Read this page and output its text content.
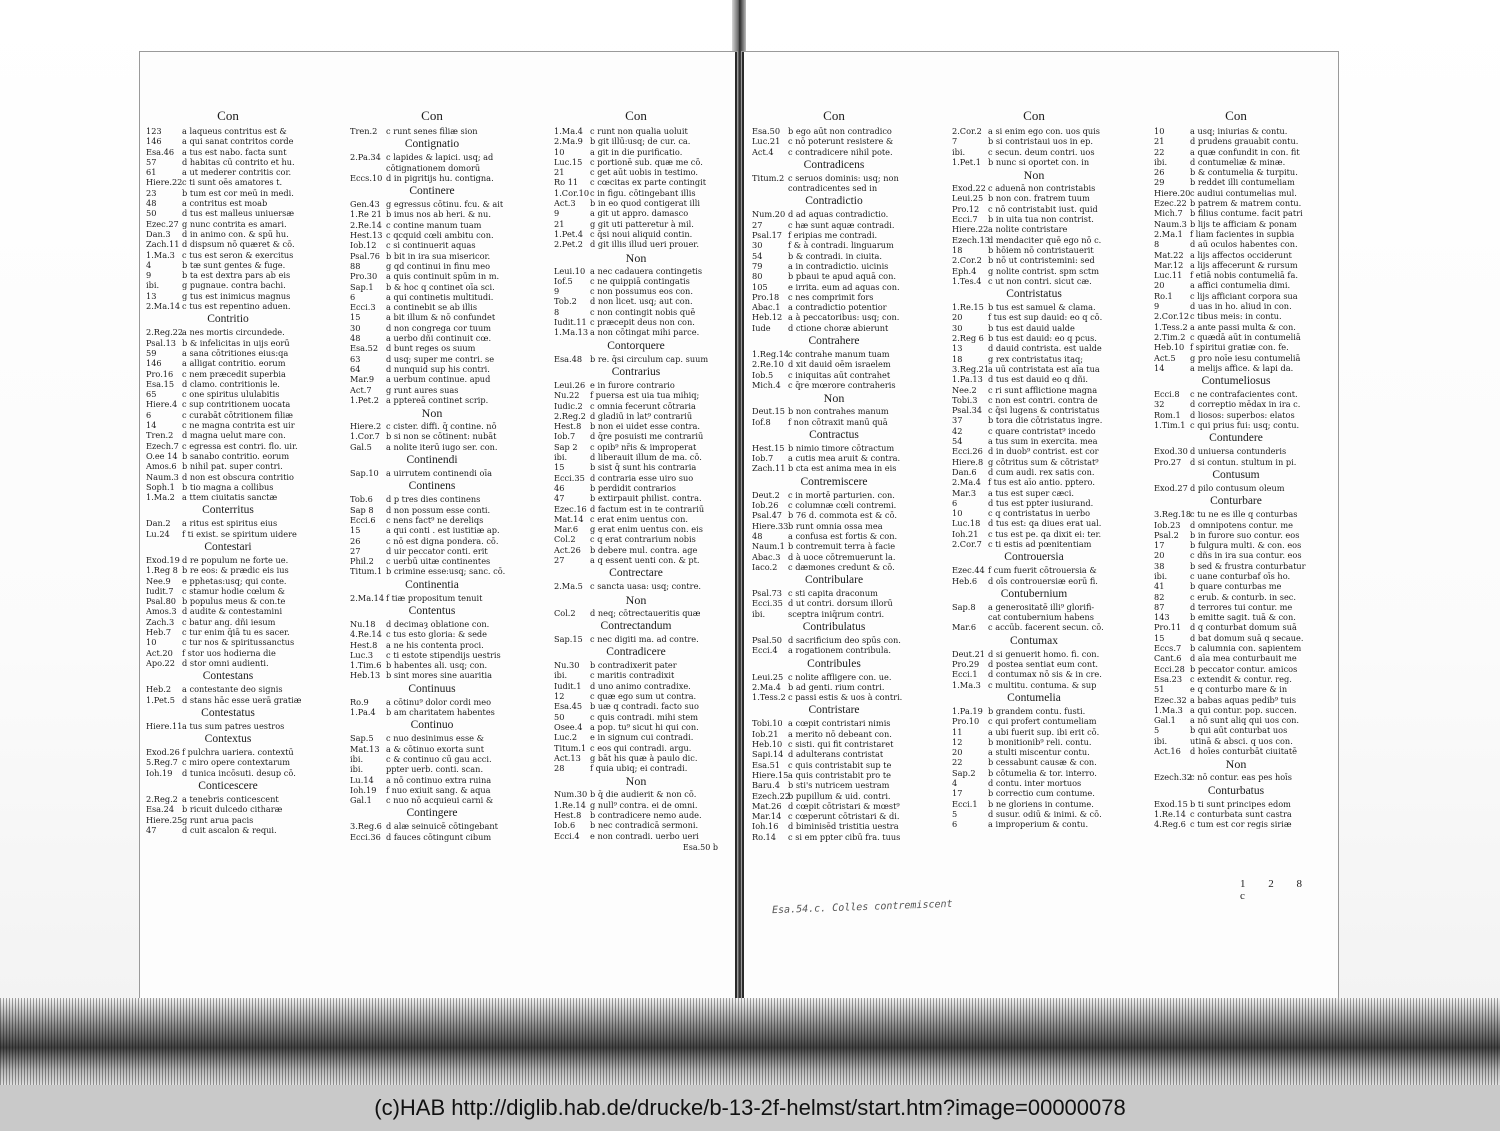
Con
123 a laqueus contritus est &
146 a qui sanat contritos corde
Esa.46 a tus est nabo. facta sunt
57	d habitas cū contrito et hu.
61	a ut mederer contritis cor.
Hiere.22c ti sunt oēs amatores t.
23	b tum est cor meū in medi.
48	a contritus est moab
50	d tus est malleus uniuersæ
Ezec.27 g nunc contrita es amari.
Dan.3 d in animo con. & spū hu.
Zach.11 d dispsum nō quæret & cō.
1.Ma.3 c tus est seron & exercitus
4	b tæ sunt gentes & fuge.
9	b ta est dextra pars ab eis
ibi.	g pugnaue. contra bachi.
13	g tus est inimicus magnus
2.Ma.14 c tus est repentino aduen.
Contritio
2.Reg.22a nes mortis circundede.
Psal.13 b & infelicitas in uijs eorū
59	a sana cōtritiones eius:qa
146 a alligat contritio. eorum
Pro.16 c nem præcedit superbia
Esa.15 d clamo. contritionis le.
65	c one spiritus ululabitis
Hiere.4 c sup contritionem uocata
6	c curabāt cōtritionem filiæ
14	c ne magna contrita est uir
Tren.2 d magna uelut mare con.
Ezech.7 c egressa est contri. flo. uir.
O.ee 14 b sanabo contritio. eorum
Amos.6 b nihil pat. super contri.
Naum.3 d non est obscura contritio
Soph.1 b tio magna a collibus
1.Ma.2 a ttem ciuitatis sanctæ
Conterritus
Dan.2 a ritus est spiritus eius
Lu.24 f ti exist. se spiritum uidere
Contestari
Exod.19 d re populum ne forte ue.
1.Reg 8 b re eos: & prædic eis ius
Nee.9 e pphetas:usq; qui conte.
Iudit.7 c stamur hodie cœlum &
Psal.80 b populus meus & con.te
Amos.3 d audite & contestamini
Zach.3 c batur ang. dñi iesum
Heb.7 c tur enim q̄iā tu es sacer.
10	c tur nos & spiritussanctus
Act.20 f stor uos hodierna die
Apo.22 d stor omni audienti.
Contestans
Heb.2 a contestante deo signis
1.Pet.5 d stans hāc esse uerā gratiæ
Contestatus
Hiere.11a tus sum patres uestros
Contextus
Exod.26 f pulchra uariera. contextū
5.Reg.7 c miro opere contextarum
Ioh.19 d tunica incōsuti. desup cō.
Conticescere
2.Reg.2 a tenebris conticescent
Esa.24 b ricuit dulcedo citharæ
Hiere.25g runt arua pacis
47	d cuit ascalon & requi.
Con
Tren.2 c runt senes filiæ sion
Contignatio
2.Pa.34 c lapides & lapici. usq; ad
cōtignationem domorū
Eccs.10 d in pigritijs hu. contigna.
Continere
Gen.43 g egressus cōtinu. fcu. & ait
1.Re 21 b imus nos ab heri. & nu.
2.Re.14 c contine manum tuam
Hest.13 c qcquid cœli ambitu con.
Iob.12 c si continuerit aquas
Psal.76 b bit in ira sua misericor.
88	g qd continui in finu meo
Pro.30 a quis continuit spūm in m.
Sap.1 b & hoc q continet oīa sci.
6	a qui continetis multitudi.
Ecci.3 a continebit se ab illis
15	a bit illum & nō confundet
30	d non congrega cor tuum
48	a uerbo dñi continuit cœ.
Esa.52 d bunt reges os suum
63	d usq; super me contri. se
64	d nunquid sup his contri.
Mar.9 a uerbum continue. apud
Act.7 g runt aures suas
1.Pet.2 a pptereā continet scrip.
Non
Hiere.2 c cister. diffi. q̄ contine. nō
1.Cor.7 b si non se cōtinent: nubāt
Gal.5 a nolite iterū iugo ser. con.
Continendi
Sap.10 a uirrutem continendi oīa
Continens
Tob.6 d p tres dies continens
Sap 8 d non possum esse conti.
Ecci.6 c nens fact⁹ ne dereliqs
15	a qui conti . est iustitiæ ap.
26	c nō est digna pondera. cō.
27	d uir peccator conti. erit
Phil.2 c uerbū uitæ continentes
Titum.1 b crimine esse:usq; sanc. cō.
Continentia
2.Ma.14 f tiæ propositum tenuit
Contentus
Nu.18 d decimaȝ oblatione con.
4.Re.14 c tus esto gloria: & sede
Hest.8 a ne his contenta proci.
Luc.3 c ti estote stipendijs uestris
1.Tim.6 b habentes ali. usq; con.
Heb.13 b sint mores sine auaritia
Continuus
Ro.9 a cōtinu⁹ dolor cordi meo
1.Pa.4 b am charitatem habentes
Continuo
Sap.5 c nuo desinimus esse &
Mat.13 a & cōtinuo exorta sunt
ibi.	c & continuo cū gau acci.
ibi.	ppter uerb. conti. scan.
Lu.14 a nō continuo extra ruina
Ioh.19 f nuo exiuit sang. & aqua
Gal.1 c nuo nō acquieui carni &
Contingere
3.Reg.6 d alæ seinuicē cōtingebant
Ecci.36 d fauces cōtingunt cibum
Con
1.Ma.4 c runt non qualia uoluit
2.Ma.9 b git illū:usq; de cur. ca.
10	a git in die purificatio.
Luc.15 c portionē sub. quæ me cō.
21	c get aūt uobis in testimo.
Ro 11 c cœcitas ex parte contingit
1.Cor.10c in figu. cōtingebant illis
Act.3 b in eo quod contigerat illi
9	a git ut appro. damasco
21	g git uti patteretur à mil.
1.Pet.4 c q̄si noui aliquid contin.
2.Pet.2 d git illis illud ueri prouer.
Non
Leui.10 a nec cadauera contingetis
Iof.5 c ne quippiā contingatis
9	c non possumus eos con.
Tob.2 d non licet. usq; aut con.
8	c non contingit nobis quē
Iudit.11 c præcepit deus non con.
1.Ma.13 a non cōtingat mihi parce.
Contorquere
Esa.48 b re. q̄si circulum cap. suum
Contrarius
Leui.26 e in furore contrario
Nu.22 f puersa est uia tua mihiq;
Iudic.2 c omnia fecerunt cōtraria
2.Reg.2 d gladiū in lat⁹ contrariū
Hest.8 b non ei uidet esse contra.
Iob.7 d q̄re posuisti me contrariū
Sap 2 c opib⁹ nr̄is & improperat
ibi.	d liberauit illum de ma. cō.
15	b sist q̄ sunt his contraria
Ecci.35 d contraria esse uiro suo
46	b perdidit contrarios
47	b extirpauit philist. contra.
Ezec.16 d factum est in te contrariū
Mat.14 c erat enim uentus con.
Mar.6 g erat enim uentus con. eis
Col.2 c q erat contrarium nobis
Act.26 b debere mul. contra. age
27	a q essent uenti con. & pt.
Contrectare
2.Ma.5 c sancta uasa: usq; contre.
Non
Col.2 d neq; cōtrectaueritis quæ
Contrectandum
Sap.15 c nec digiti ma. ad contre.
Contradicere
Nu.30 b contradixerit pater
ibi.	c maritis contradixit
Iudit.1 d uno animo contradixe.
12	c quæ ego sum ut contra.
Esa.45 b uæ q contradi. facto suo
50	c quis contradi. mihi stem
Osee.4 a pop. tu⁹ sicut hi qui con.
Luc.2 e in signum cui contradi.
Titum.1 c eos qui contradi. argu.
Act.13 g bāt his quæ à paulo dic.
28	f quia ubiq; ei contradi.
Non
Num.30 b q̄ die audierit & non cō.
1.Re.14 g null⁹ contra. ei de omni.
Hest.8 b contradicere nemo aude.
Iob.6 b nec contradicā sermoni.
Ecci.4 e non contradi. uerbo ueri
Esa.50 b
Con
Esa.50 b ego aūt non contradico
Luc.21 c nō poterunt resistere &
Act.4 c contradicere nihil pote.
Contradicens
Titum.2 c seruos dominis: usq; non
contradicentes sed in
Contradictio
Num.20 d ad aquas contradictio.
27	c hæ sunt aquæ contradi.
Psal.17 f eripias me contradi.
30	f & à contradi. linguarum
54	b & contradi. in ciuita.
79	a in contradictio. uicinis
80	b pbaui te apud aquā con.
105 e irrita. eum ad aquas con.
Pro.18 c nes comprimit fors
Abac.1 a contradictio potentior
Heb.12 a à peccatoribus: usq; con.
Iude d ctione choræ abierunt
Contrahere
1.Reg.14c contrahe manum tuam
2.Re.10 d xit dauid oēm israelem
Iob.5 c iniquitas aūt contrahet
Mich.4 c q̄re mœrore contraheris
Non
Deut.15 b non contrahes manum
Iof.8 f non cōtraxit manū quā
Contractus
Hest.15 b nimio timore cōtractum
Iob.7 a cutis mea aruit & contra.
Zach.11 b cta est anima mea in eis
Contremiscere
Deut.2 c in mortē parturien. con.
Iob.26 c columnæ cœli contremi.
Psal.47 b 76 d. commota est & cō.
Hiere.33b runt omnia ossa mea
48	a confusa est fortis & con.
Naum.1 b contremuit terra à facie
Abac.3 d à uoce cōtremuerunt la.
Iaco.2 c dæmones credunt & cō.
Contribulare
Psal.73 c sti capita draconum
Ecci.35 d ut contri. dorsum illorū
ibi.	sceptra iniq̄rum contri.
Contribulatus
Psal.50 d sacrificium deo spūs con.
Ecci.4 a rogationem contribula.
Contribules
Leui.25 c nolite affligere con. ue.
2.Ma.4 b ad genti. rium contri.
1.Tess.2 c passi estis & uos à contri.
Contristare
Tobi.10 a cœpit contristari nimis
Iob.21 a merito nō debeant con.
Heb.10 c sisti. qui fit contristaret
Sapi.14 d adulterans contristat
Esa.51 c quis contristabit sup te
Hiere.15a quis contristabit pro te
Baru.4 b sti's nutricem uestram
Ezech.22b pupillum & uid. contri.
Mat.26 d cœpit cōtristari & mœst⁹
Mar.14 c cœperunt cōtristari & di.
Ioh.16 d biminisēd tristitia uestra
Ro.14 c si em ppter cibū fra. tuus
Con
2.Cor.2 a si enim ego con. uos quis
7	b si contristaui uos in ep.
ibi.	c secun. deum contri. uos
1.Pet.1 b nunc si oportet con. in
Non
Exod.22 c aduenā non contristabis
Leui.25 b non con. fratrem tuum
Pro.12 c nō contristabit iust. quid
Ecci.7 b in uita tua non contrist.
Hiere.22a nolite contristare
Ezech.13d mendaciter quē ego nō c.
18	b hōiem nō contristauerit
2.Cor.2 b nō ut contristemini: sed
Eph.4 g nolite contrist. spm sctm
1.Tes.4 c ut non contri. sicut cæ.
Contristatus
1.Re.15 b tus est samuel & clama.
20	f tus est sup dauid: eo q cō.
30	b tus est dauid ualde
2.Reg 6 b tus est dauid: eo q pcus.
13	d dauid contrista. est ualde
18	g rex contristatus itaq;
3.Reg.21a uū contristata est aīa tua
1.Pa.13 d tus est dauid eo q dñi.
Nee.2 c ri sunt afflictione magna
Tobi.3 c non est contri. contra de
Psal.34 c q̄si lugens & contristatus
37	b tora die cōtristatus ingre.
42	c quare contristat⁹ incedo
54	a tus sum in exercita. mea
Ecci.26 d in duob⁹ contrist. est cor
Hiere.8 g cōtritus sum & cōtristat⁹
Dan.6 d cum audi. rex satis con.
2.Ma.4 f tus est aīo antio. pptero.
Mar.3 a tus est super cæci.
6	d tus est ppter iusiurand.
10	c q contristatus in uerbo
Luc.18 d tus est: qa diues erat ual.
Ioh.21 c tus est pe. qa dixit ei: ter.
2.Cor.7 c ti estis ad pœnitentiam
Controuersia
Ezec.44 f cum fuerit cōtrouersia &
Heb.6 d oīs controuersiæ eorū fi.
Contubernium
Sap.8 a generositatē illi⁹ glorifi-
cat contubernium habens
Mar.6 c accūb. facerent secun. cō.
Contumax
Deut.21 d si genuerit homo. fi. con.
Pro.29 d postea sentiat eum cont.
Ecci.1 d contumax nō sis & in cre.
1.Ma.3 c multitu. contuma. & sup
Contumelia
1.Pa.19 b grandem contu. fusti.
Pro.10 c qui profert contumeliam
11	a ubi fuerit sup. ibi erit cō.
12	b monitionib⁹ reli. contu.
20	a stulti miscentur contu.
22	b cessabunt causæ & con.
Sap.2 b cōtumelia & tor. interro.
4	d contu. inter mortuos
17	b correctio cum contume.
Ecci.1 b ne gloriens in contume.
5	d susur. odiū & inimi. & cō.
6	a improperium & contu.
Con
10	a usq; iniurias & contu.
21	d prudens grauabit contu.
22	a quæ confundit in con. fit
ibi.	d contumeliæ & minæ.
26	b & contumelia & turpitu.
29	b reddet illi contumeliam
Hiere.20c audiui contumelias mul.
Ezec.22 b patrem & matrem contu.
Mich.7 b filius contume. facit patri
Naum.3 b lijs te afficiam & ponam
2.Ma.1 f liam facientes in supbia
8	d aū oculos habentes con.
Mat.22 a lijs affectos occiderunt
Mar.12 a lijs affecerunt & rursum
Luc.11 f etiā nobis contumeliā fa.
20	a affici contumelia dimi.
Ro.1 c lijs afficiant corpora sua
9	d uas in ho. aliud in con.
2.Cor.12c tibus meis: in contu.
1.Tess.2 a ante passi multa & con.
2.Tim.2 c quædā aūt in contumeliā
Heb.10 f spiritui gratiæ con. fe.
Act.5 g pro noīe iesu contumeliā
14	a melijs affice. & lapi da.
Contumeliosus
Ecci.8 c ne contrafacientes cont.
32	d correptio mēdax in ira c.
Rom.1 d liosos: superbos: elatos
1.Tim.1 c qui prius fui: usq; contu.
Contundere
Exod.30 d uniuersa contunderis
Pro.27 d si contun. stultum in pi.
Contusum
Exod.27 d pilo contusum oleum
Conturbare
3.Reg.18c tu ne es ille q conturbas
Iob.23 d omnipotens contur. me
Psal.2 b in furore suo contur. eos
17	b fulgura multi. & con. eos
20	c dñs in ira sua contur. eos
38	b sed & frustra conturbatur
ibi.	c uane conturbaf oīs ho.
41	b quare conturbas me
82	c erub. & conturb. in sec.
87	d terrores tui contur. me
143 b emitte sagit. tuā & con.
Pro.11 d q conturbat domum suā
15	d bat domum suā q secaue.
Eccs.7 b calumnia con. sapientem
Cant.6 d aīa mea conturbauit me
Ecci.28 b peccator contur. amicos
Esa.23 c extendit & contur. reg.
51	e q conturbo mare & in
Ezec.32 a babas aquas pedib⁹ tuis
1.Ma.3 a qui contur. pop. succen.
Gal.1 a nō sunt aliq qui uos con.
5	b qui aūt conturbat uos
ibi.	utinā & absci. q uos con.
Act.16 d hoīes conturbāt ciuitatē
Non
Ezech.32c nō contur. eas pes hoīs
Conturbatus
Exod.15 b ti sunt principes edom
1.Re.14 c conturbata sunt castra
4.Reg.6 c tum est cor regis siriæ
1 2 8 c
Esa.54.c. Colles contremiscent
(c)HAB http://diglib.hab.de/drucke/b-13-2f-helmst/start.htm?image=00000078
